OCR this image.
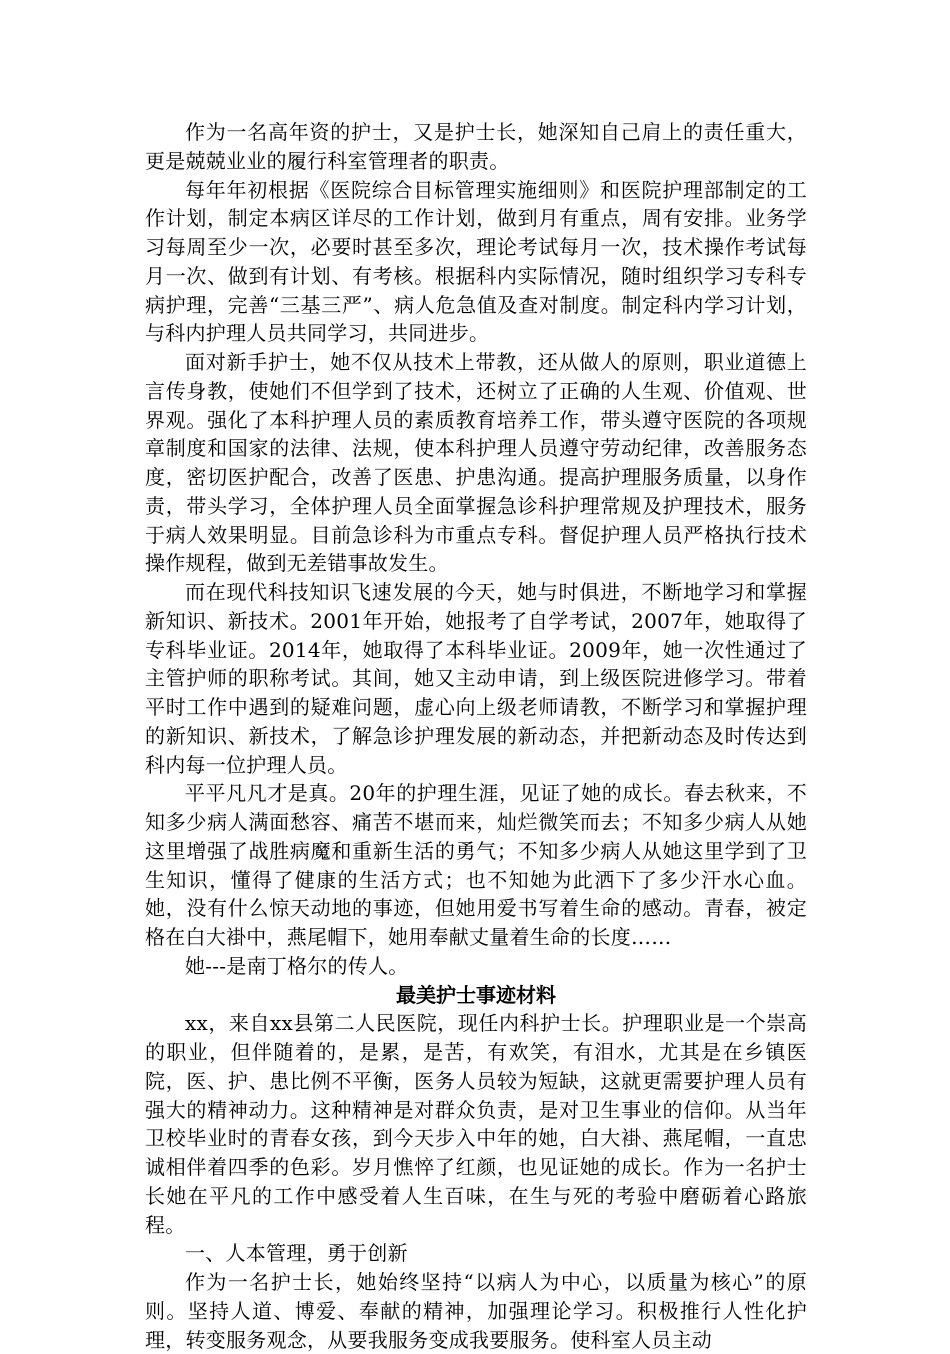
作为一名高年资的护士，又是护士长，她深知自己肩上的责任重大，更是兢兢业业的履行科室管理者的职责。

每年年初根据《医院综合目标管理实施细则》和医院护理部制定的工作计划，制定本病区详尽的工作计划，做到月有重点，周有安排。业务学习每周至少一次，必要时甚至多次，理论考试每月一次，技术操作考试每月一次、做到有计划、有考核。根据科内实际情况，随时组织学习专科专病护理，完善“三基三严”、病人危急值及查对制度。制定科内学习计划，与科内护理人员共同学习，共同进步。

面对新手护士，她不仅从技术上带教，还从做人的原则，职业道德上言传身教，使她们不但学到了技术，还树立了正确的人生观、价值观、世界观。强化了本科护理人员的素质教育培养工作，带头遵守医院的各项规章制度和国家的法律、法规，使本科护理人员遵守劳动纪律，改善服务态度，密切医护配合，改善了医患、护患沟通。提高护理服务质量，以身作责，带头学习，全体护理人员全面掌握急诊科护理常规及护理技术，服务于病人效果明显。目前急诊科为市重点专科。督促护理人员严格执行技术操作规程，做到无差错事故发生。

而在现代科技知识飞速发展的今天，她与时俱进，不断地学习和掌握新知识、新技术。2001年开始，她报考了自学考试，2007年，她取得了专科毕业证。2014年，她取得了本科毕业证。2009年，她一次性通过了主管护师的职称考试。其间，她又主动申请，到上级医院进修学习。带着平时工作中遇到的疑难问题，虚心向上级老师请教，不断学习和掌握护理的新知识、新技术，了解急诊护理发展的新动态，并把新动态及时传达到科内每一位护理人员。

平平凡凡才是真。20年的护理生涯，见证了她的成长。春去秋来，不知多少病人满面愁容、痛苦不堪而来，灿烂微笑而去；不知多少病人从她这里增强了战胜病魔和重新生活的勇气；不知多少病人从她这里学到了卫生知识，懂得了健康的生活方式；也不知她为此洒下了多少汗水心血。她，没有什么惊天动地的事迹，但她用爱书写着生命的感动。青春，被定格在白大褂中，燕尾帽下，她用奉献丈量着生命的长度……

她---是南丁格尔的传人。

最美护士事迹材料

xx，来自xx县第二人民医院，现任内科护士长。护理职业是一个崇高的职业，但伴随着的，是累，是苦，有欢笑，有泪水，尤其是在乡镇医院，医、护、患比例不平衡，医务人员较为短缺，这就更需要护理人员有强大的精神动力。这种精神是对群众负责，是对卫生事业的信仰。从当年卫校毕业时的青春女孩，到今天步入中年的她，白大褂、燕尾帽，一直忠诚相伴着四季的色彩。岁月憔悴了红颜，也见证她的成长。作为一名护士长她在平凡的工作中感受着人生百味，在生与死的考验中磨砺着心路旅程。

一、人本管理，勇于创新

作为一名护士长，她始终坚持“以病人为中心，以质量为核心”的原则。坚持人道、博爱、奉献的精神，加强理论学习。积极推行人性化护理，转变服务观念，从要我服务变成我要服务。使科室人员主动
